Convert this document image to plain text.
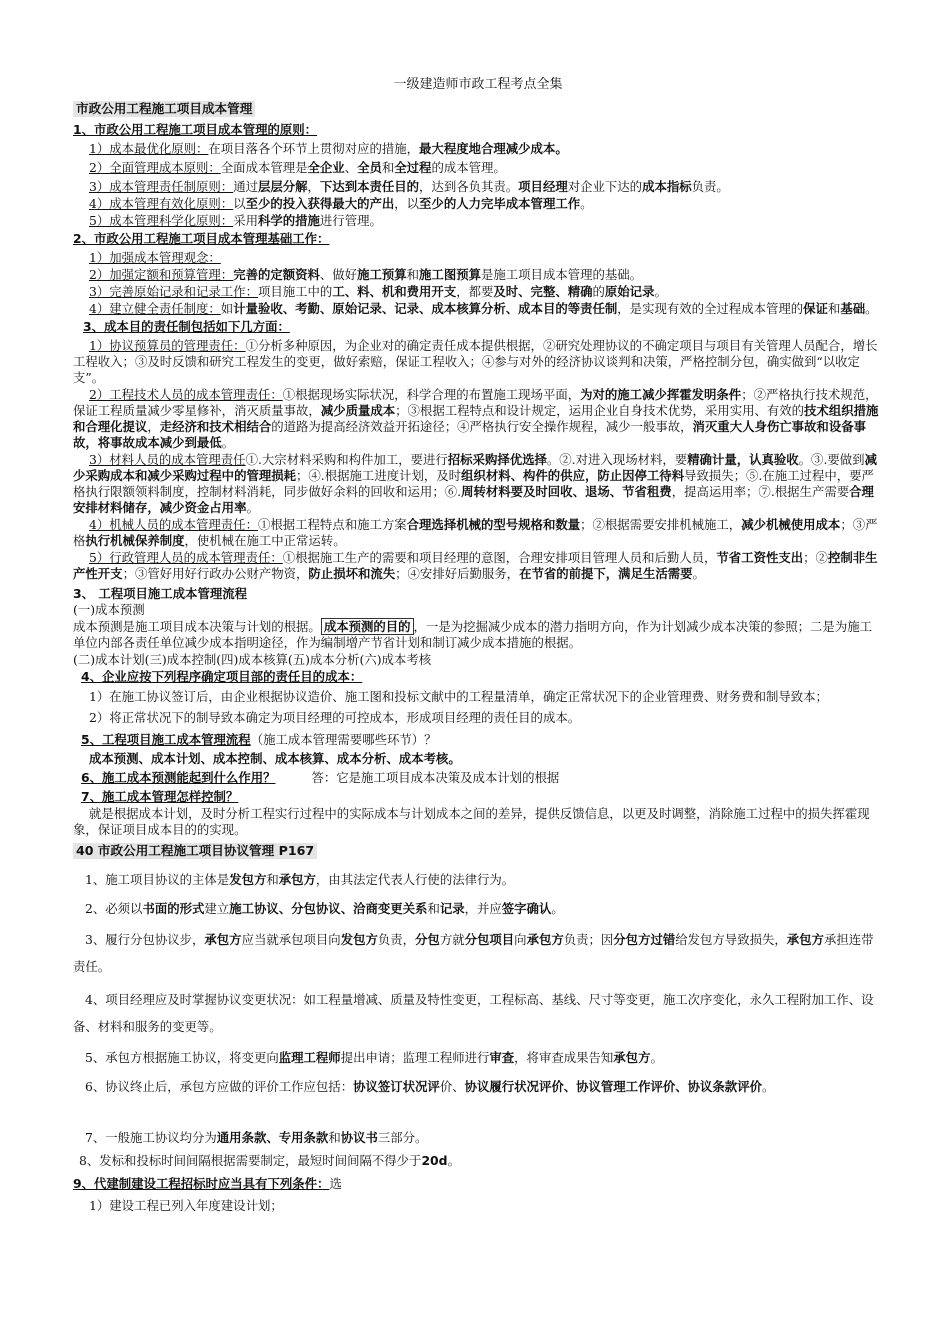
一级建造师市政工程考点全集
市政公用工程施工项目成本管理
1、市政公用工程施工项目成本管理的原则：
1）成本最优化原则：在项目落各个环节上贯彻对应的措施，最大程度地合理减少成本。
2）全面管理成本原则：全面成本管理是全企业、全员和全过程的成本管理。
3）成本管理责任制原则：通过层层分解，下达到本责任目的，达到各负其责。项目经理对企业下达的成本指标负责。
4）成本管理有效化原则：以至少的投入获得最大的产出，以至少的人力完毕成本管理工作。
5）成本管理科学化原则：采用科学的措施进行管理。
2、市政公用工程施工项目成本管理基础工作：
1）加强成本管理观念：
2）加强定额和预算管理：完善的定额资料、做好施工预算和施工图预算是施工项目成本管理的基础。
3）完善原始记录和记录工作：项目施工中的工、料、机和费用开支，都要及时、完整、精确的原始记录。
4）建立健全责任制度：如计量验收、考勤、原始记录、记录、成本核算分析、成本目的等责任制，是实现有效的全过程成本管理的保证和基础。
3、成本目的责任制包括如下几方面：
1）协议预算员的管理责任：①分析多种原因，为企业对的确定责任成本提供根据，②研究处理协议的不确定项目与项目有关管理人员配合，增长工程收入；③及时反馈和研究工程发生的变更，做好索赔，保证工程收入；④参与对外的经济协议谈判和决策，严格控制分包，确实做到“以收定支”。
2）工程技术人员的成本管理责任：①根据现场实际状况，科学合理的布置施工现场平面，为对的施工减少挥霍发明条件；②严格执行技术规范，保证工程质量减少零星修补，消灭质量事故，减少质量成本；③根据工程特点和设计规定，运用企业自身技术优势，采用实用、有效的技术组织措施和合理化提议，走经济和技术相结合的道路为提高经济效益开拓途径；④严格执行安全操作规程，减少一般事故，消灭重大人身伤亡事故和设备事故，将事故成本减少到最低。
3）材料人员的成本管理责任①.大宗材料采购和构件加工，要进行招标采购择优选择。②.对进入现场材料，要精确计量，认真验收。③.要做到减少采购成本和减少采购过程中的管理损耗；④.根据施工进度计划，及时组织材料、构件的供应，防止因停工待料导致损失；⑤.在施工过程中，要严格执行限额领料制度，控制材料消耗，同步做好余料的回收和运用；⑥.周转材料要及时回收、退场、节省租费，提高运用率；⑦.根据生产需要合理安排材料储存，减少资金占用率。
4）机械人员的成本管理责任：①根据工程特点和施工方案合理选择机械的型号规格和数量；②根据需要安排机械施工，减少机械使用成本；③严格执行机械保养制度，使机械在施工中正常运转。
5）行政管理人员的成本管理责任：①根据施工生产的需要和项目经理的意图，合理安排项目管理人员和后勤人员，节省工资性支出；②控制非生产性开支；③管好用好行政办公财产物资，防止损坏和流失；④安排好后勤服务，在节省的前提下，满足生活需要。
3、 工程项目施工成本管理流程
(一)成本预测
成本预测是施工项目成本决策与计划的根据。 成本预测的目的 ，一是为挖掘减少成本的潜力指明方向，作为计划减少成本决策的参照；二是为施工单位内部各责任单位减少成本指明途径，作为编制增产节省计划和制订减少成本措施的根据。
(二)成本计划(三)成本控制(四)成本核算(五)成本分析(六)成本考核
4、企业应按下列程序确定项目部的责任目的成本：
1）在施工协议签订后，由企业根据协议造价、施工图和投标文献中的工程量清单，确定正常状况下的企业管理费、财务费和制导致本；
2）将正常状况下的制导致本确定为项目经理的可控成本，形成项目经理的责任目的成本。
5、工程项目施工成本管理流程（施工成本管理需要哪些环节）？
成本预测、成本计划、成本控制、成本核算、成本分析、成本考核。
6、施工成本预测能起到什么作用？	答：它是施工项目成本决策及成本计划的根据
7、施工成本管理怎样控制？
就是根据成本计划，及时分析工程实行过程中的实际成本与计划成本之间的差异，提供反馈信息，以更及时调整，消除施工过程中的损失挥霍现象，保证项目成本目的的实现。
40 市政公用工程施工项目协议管理 P167
1、施工项目协议的主体是发包方和承包方，由其法定代表人行使的法律行为。
2、必须以书面的形式建立施工协议、分包协议、洽商变更关系和记录，并应签字确认。
3、履行分包协议步，承包方应当就承包项目向发包方负责，分包方就分包项目向承包方负责；因分包方过错给发包方导致损失，承包方承担连带责任。
4、项目经理应及时掌握协议变更状况：如工程量增减、质量及特性变更，工程标高、基线、尺寸等变更，施工次序变化，永久工程附加工作、设备、材料和服务的变更等。
5、承包方根据施工协议，将变更向监理工程师提出申请；监理工程师进行审查，将审查成果告知承包方。
6、协议终止后，承包方应做的评价工作应包括：协议签订状况评价、协议履行状况评价、协议管理工作评价、协议条款评价。
7、一般施工协议均分为通用条款、专用条款和协议书三部分。
8、发标和投标时间间隔根据需要制定，最短时间间隔不得少于20d。
9、代建制建设工程招标时应当具有下列条件：选
1）建设工程已列入年度建设计划；
